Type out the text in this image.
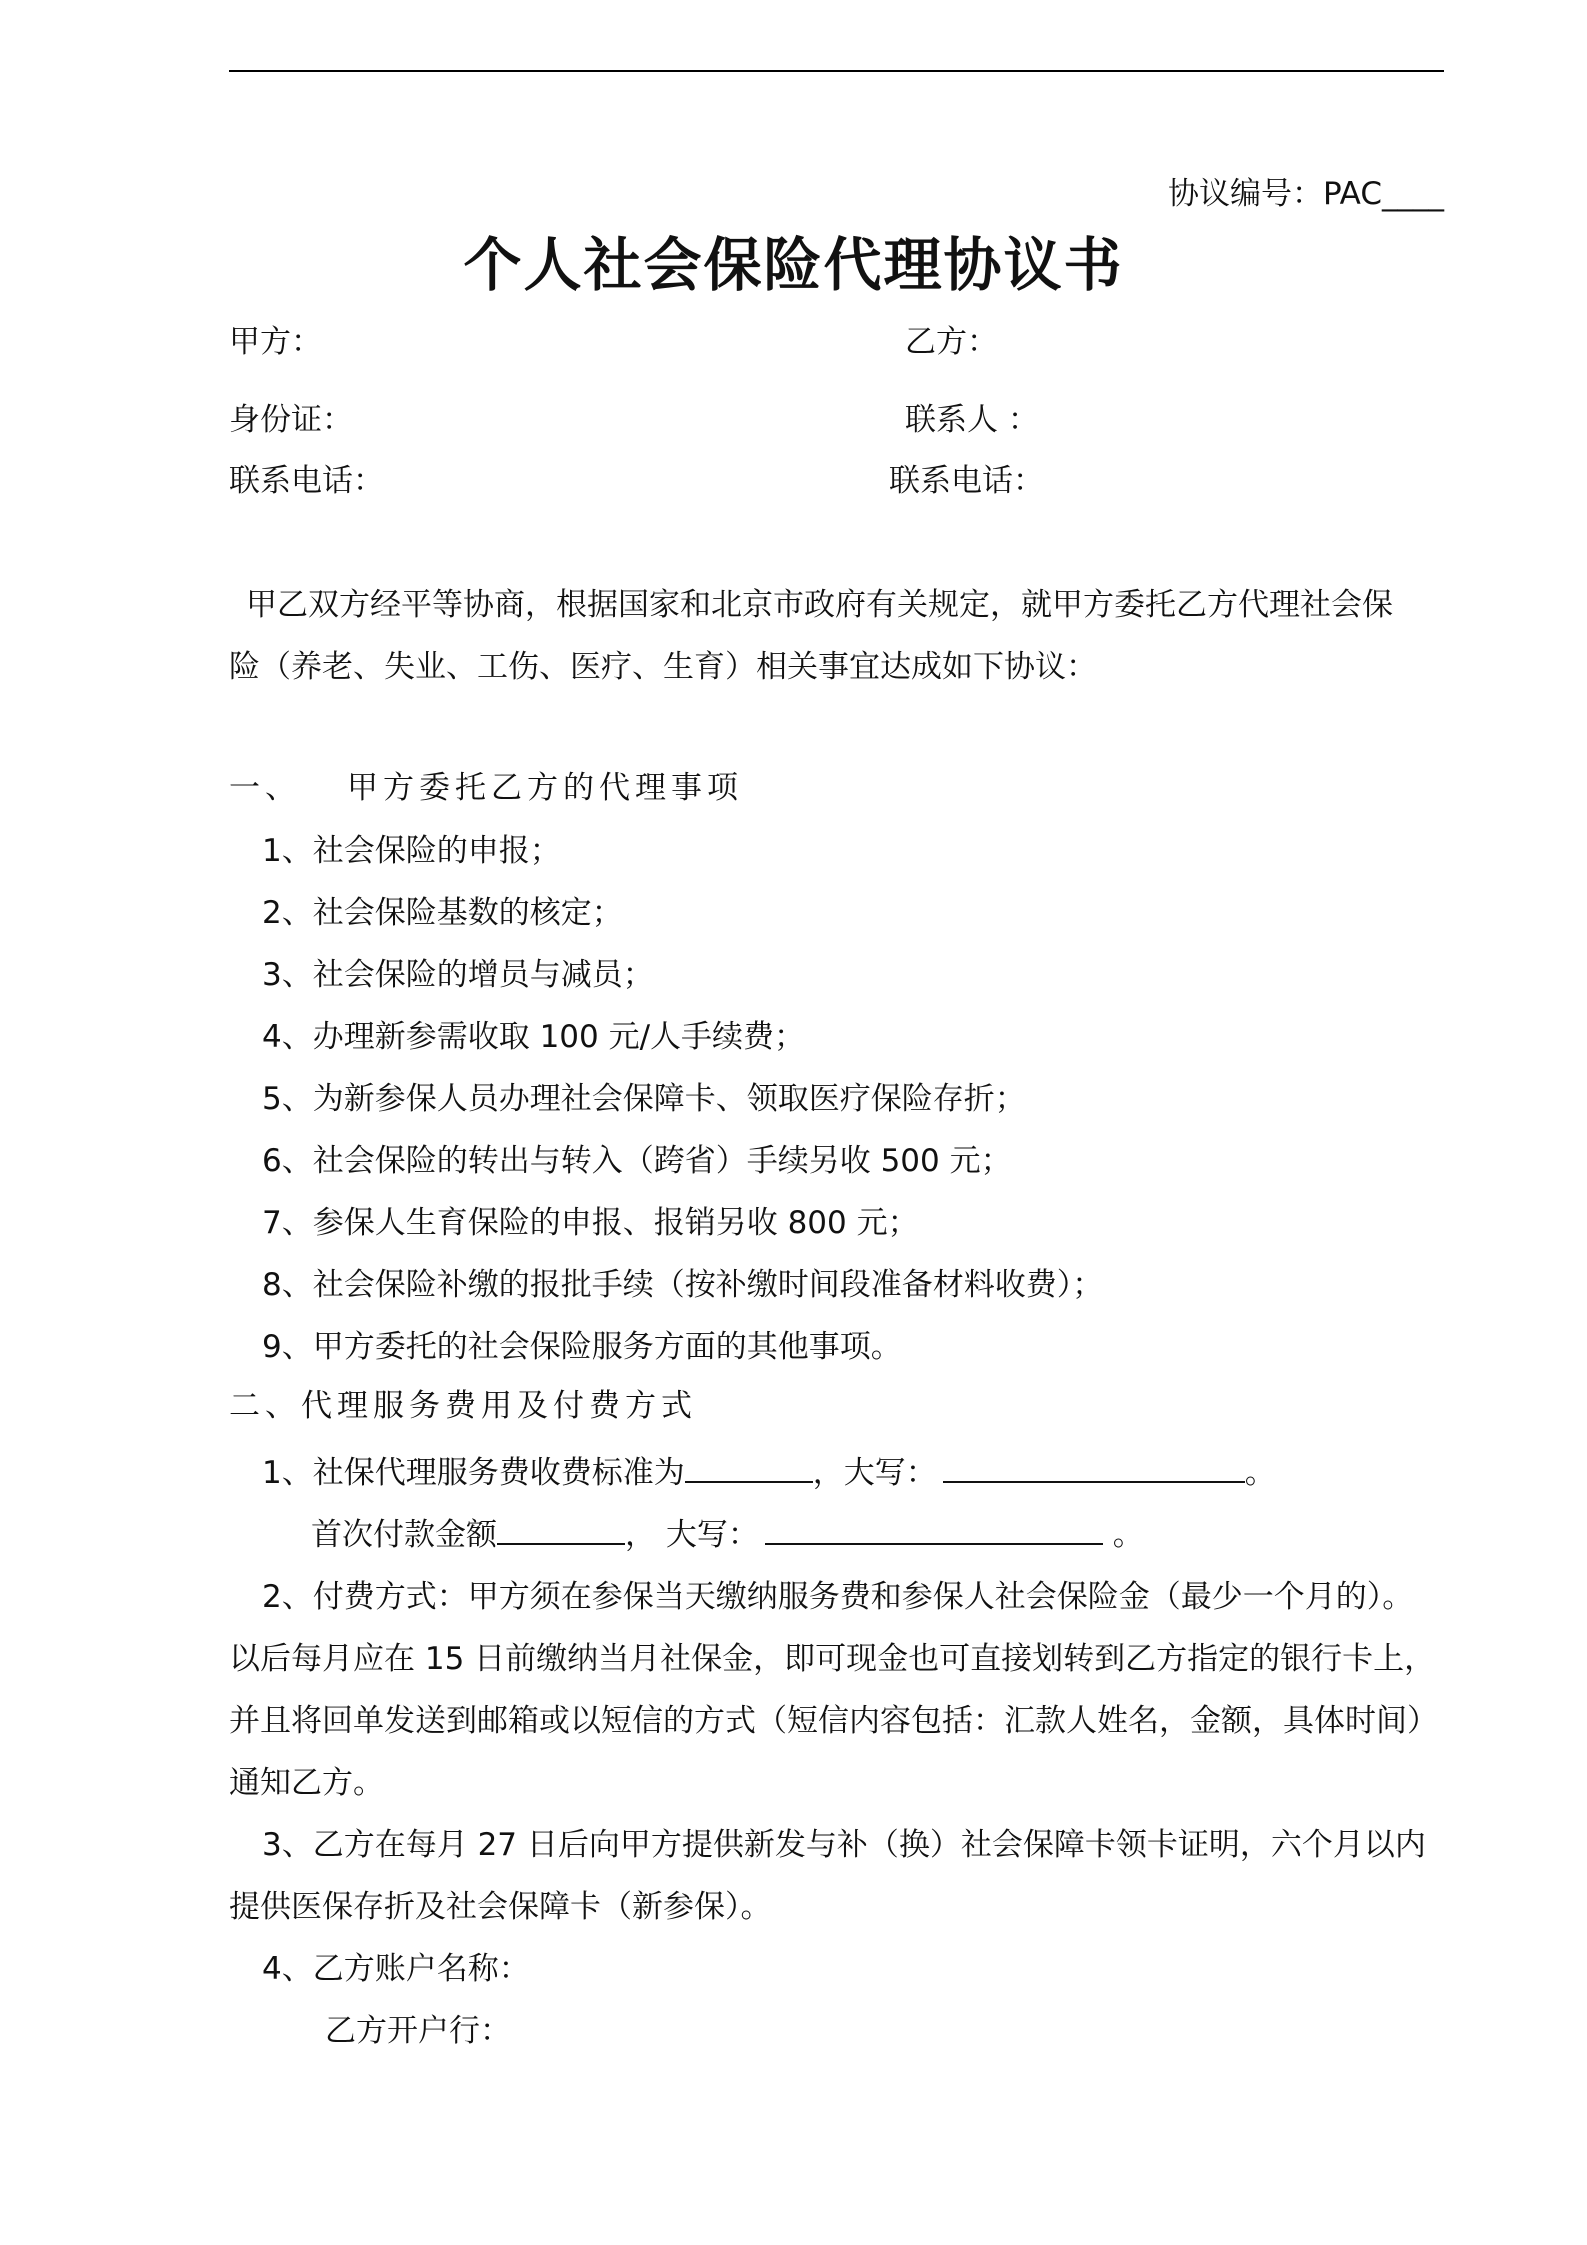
协议编号：PAC____
个人社会保险代理协议书
甲方：	乙方：
身份证：	联系人 ：
联系电话：	联系电话：
甲乙双方经平等协商，根据国家和北京市政府有关规定，就甲方委托乙方代理社会保
险（养老、失业、工伤、医疗、生育）相关事宜达成如下协议：
一、 甲方委托乙方的代理事项
1、社会保险的申报；
2、社会保险基数的核定；
3、社会保险的增员与减员；
4、办理新参需收取 100 元/人手续费；
5、为新参保人员办理社会保障卡、领取医疗保险存折；
6、社会保险的转出与转入（跨省）手续另收 500 元；
7、参保人生育保险的申报、报销另收 800 元；
8、社会保险补缴的报批手续（按补缴时间段准备材料收费）；
9、甲方委托的社会保险服务方面的其他事项。
二、代理服务费用及付费方式
1、社保代理服务费收费标准为	，大写：	。
首次付款金额	， 大写：	。
2、付费方式：甲方须在参保当天缴纳服务费和参保人社会保险金（最少一个月的）。
以后每月应在 15 日前缴纳当月社保金，即可现金也可直接划转到乙方指定的银行卡上，
并且将回单发送到邮箱或以短信的方式（短信内容包括：汇款人姓名，金额，具体时间）
通知乙方。
3、乙方在每月 27 日后向甲方提供新发与补（换）社会保障卡领卡证明，六个月以内
提供医保存折及社会保障卡（新参保）。
4、乙方账户名称：
乙方开户行：
